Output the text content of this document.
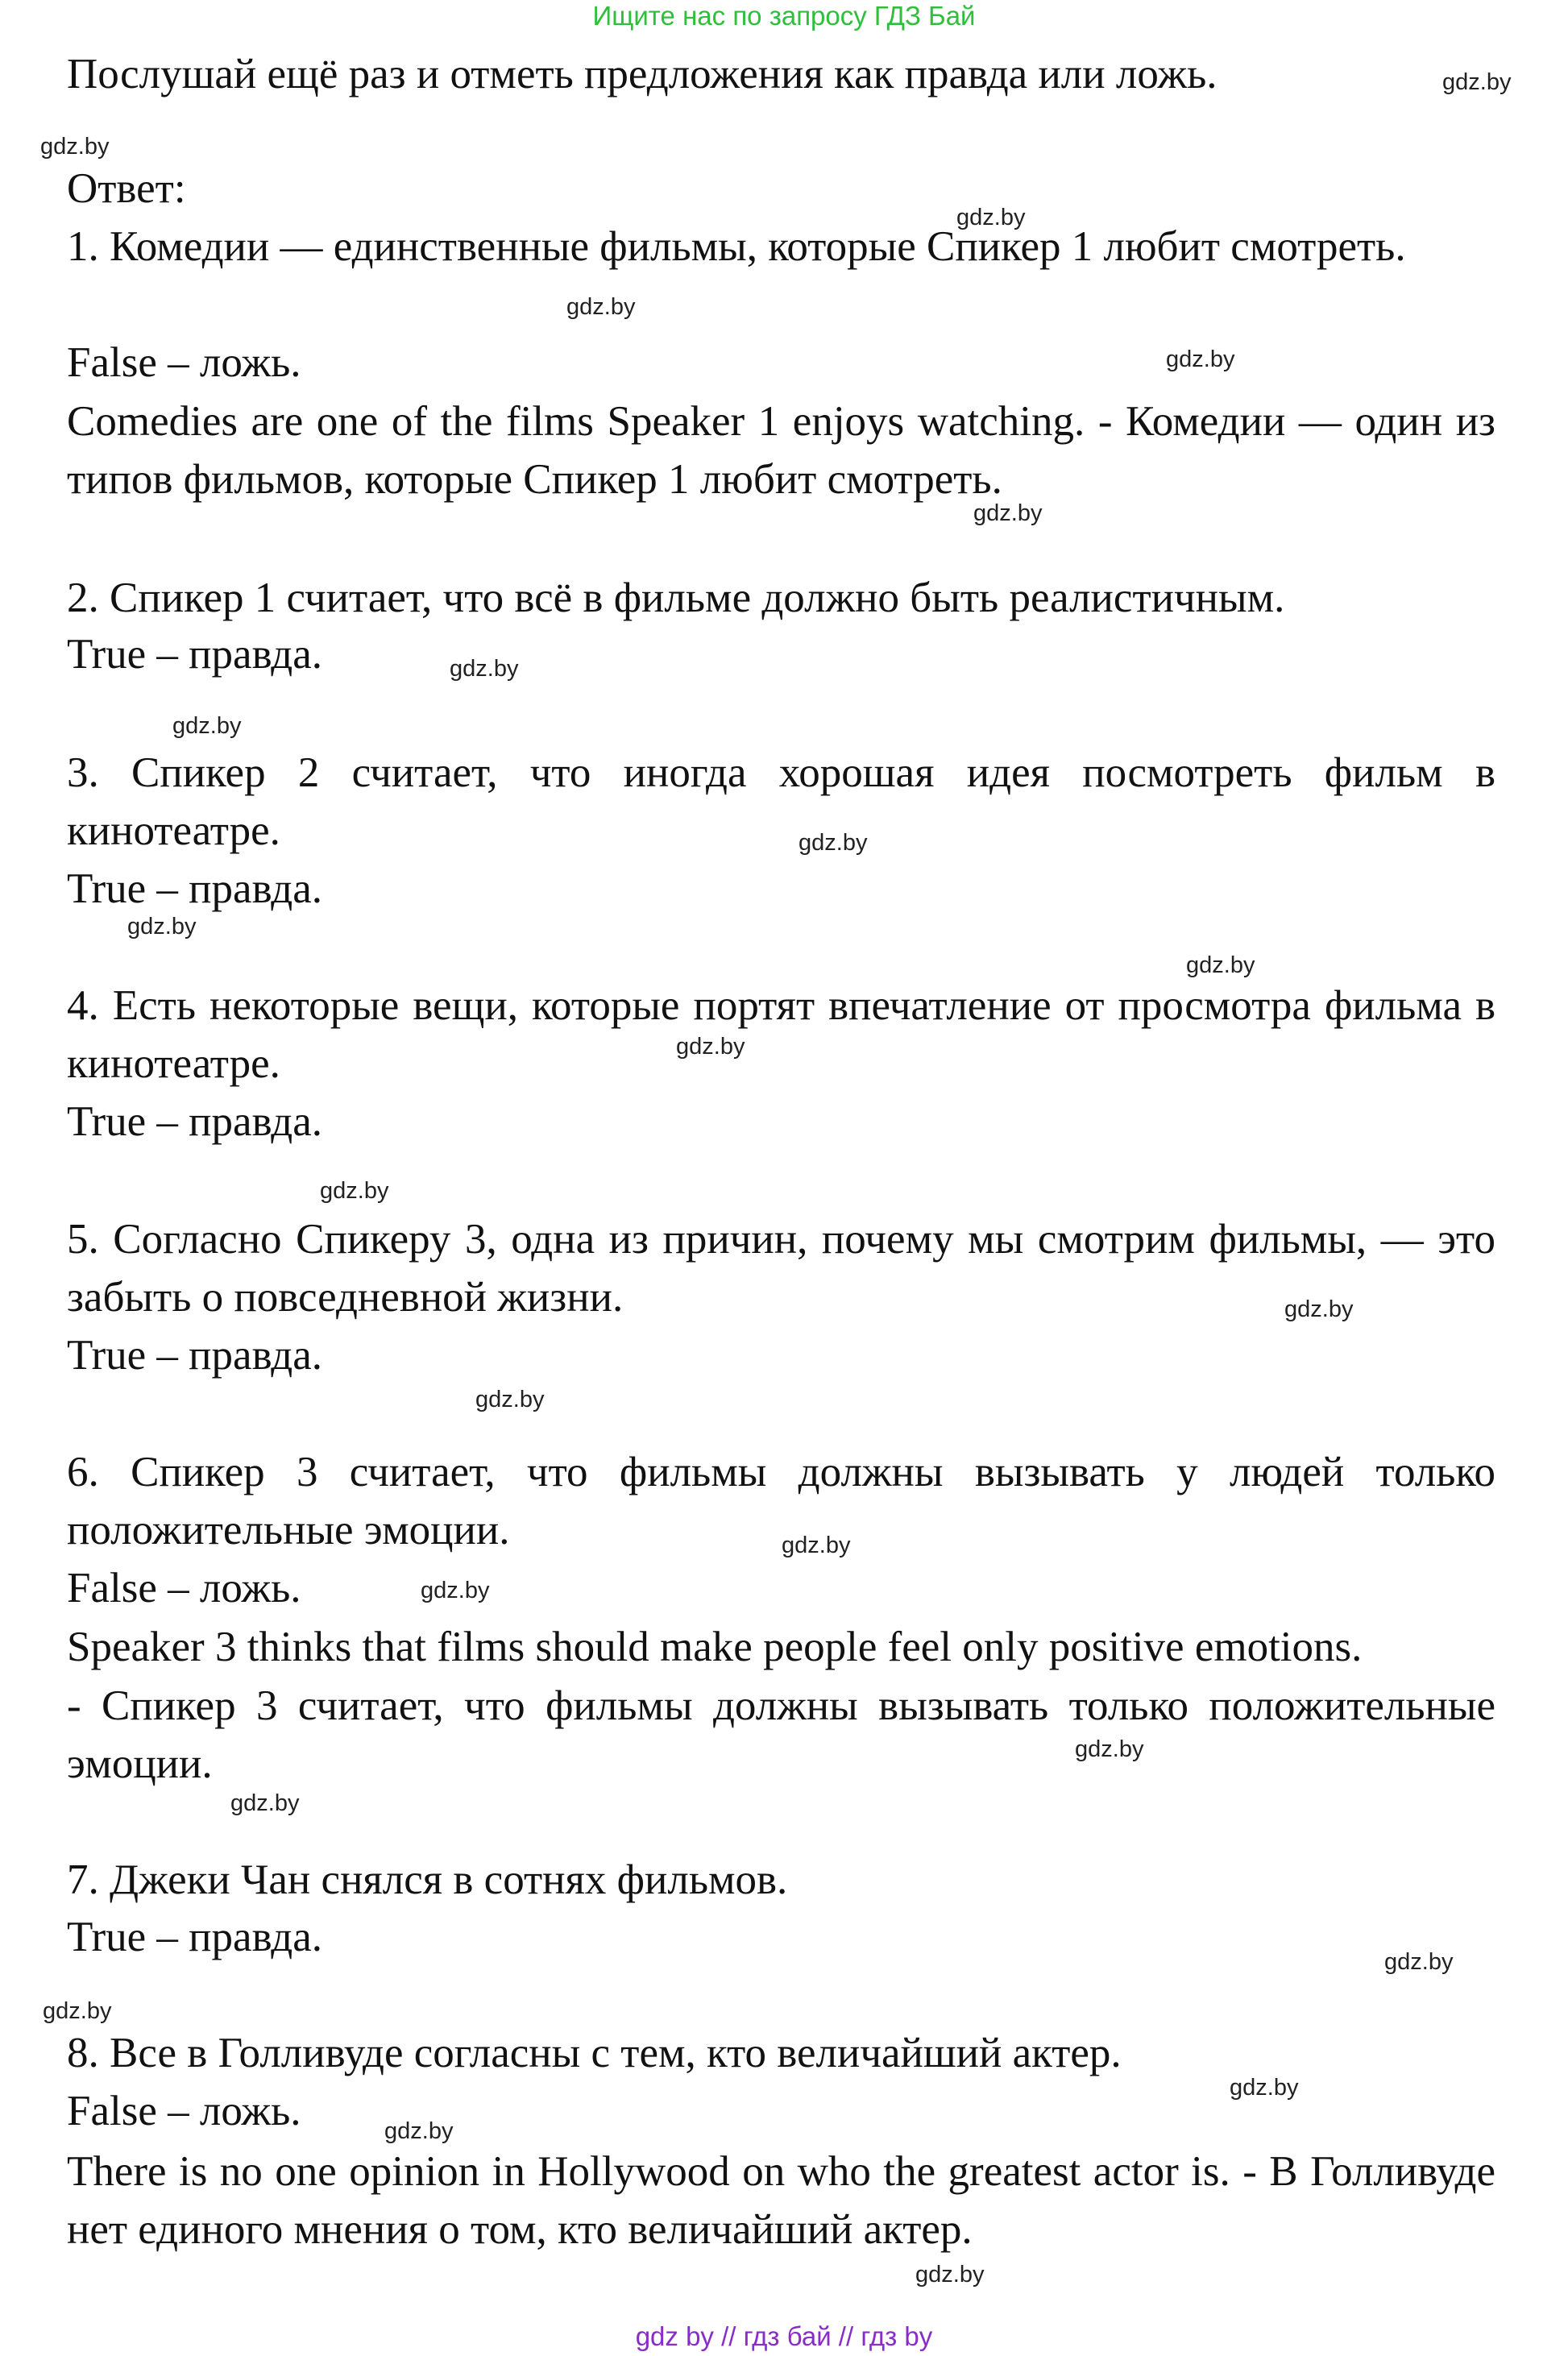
Ищите нас по запросу ГДЗ Бай
Послушай ещё раз и отметь предложения как правда или ложь.
Ответ:
1. Комедии — единственные фильмы, которые Спикер 1 любит смотреть.
False – ложь.
Comedies are one of the films Speaker 1 enjoys watching. - Комедии — один из типов фильмов, которые Спикер 1 любит смотреть.
2. Спикер 1 считает, что всё в фильме должно быть реалистичным.
True – правда.
3. Спикер 2 считает, что иногда хорошая идея посмотреть фильм в кинотеатре.
True – правда.
4. Есть некоторые вещи, которые портят впечатление от просмотра фильма в кинотеатре.
True – правда.
5. Согласно Спикеру 3, одна из причин, почему мы смотрим фильмы, — это забыть о повседневной жизни.
True – правда.
6. Спикер 3 считает, что фильмы должны вызывать у людей только положительные эмоции.
False – ложь.
Speaker 3 thinks that films should make people feel only positive emotions.
- Спикер 3 считает, что фильмы должны вызывать только положительные эмоции.
7. Джеки Чан снялся в сотнях фильмов.
True – правда.
8. Все в Голливуде согласны с тем, кто величайший актер.
False – ложь.
There is no one opinion in Hollywood on who the greatest actor is. - В Голливуде нет единого мнения о том, кто величайший актер.
gdz.by
gdz.by
gdz.by
gdz.by
gdz.by
gdz.by
gdz.by
gdz.by
gdz.by
gdz.by
gdz.by
gdz.by
gdz.by
gdz.by
gdz.by
gdz.by
gdz.by
gdz.by
gdz.by
gdz.by
gdz.by
gdz.by
gdz.by
gdz.by
gdz by // гдз бай // гдз by
